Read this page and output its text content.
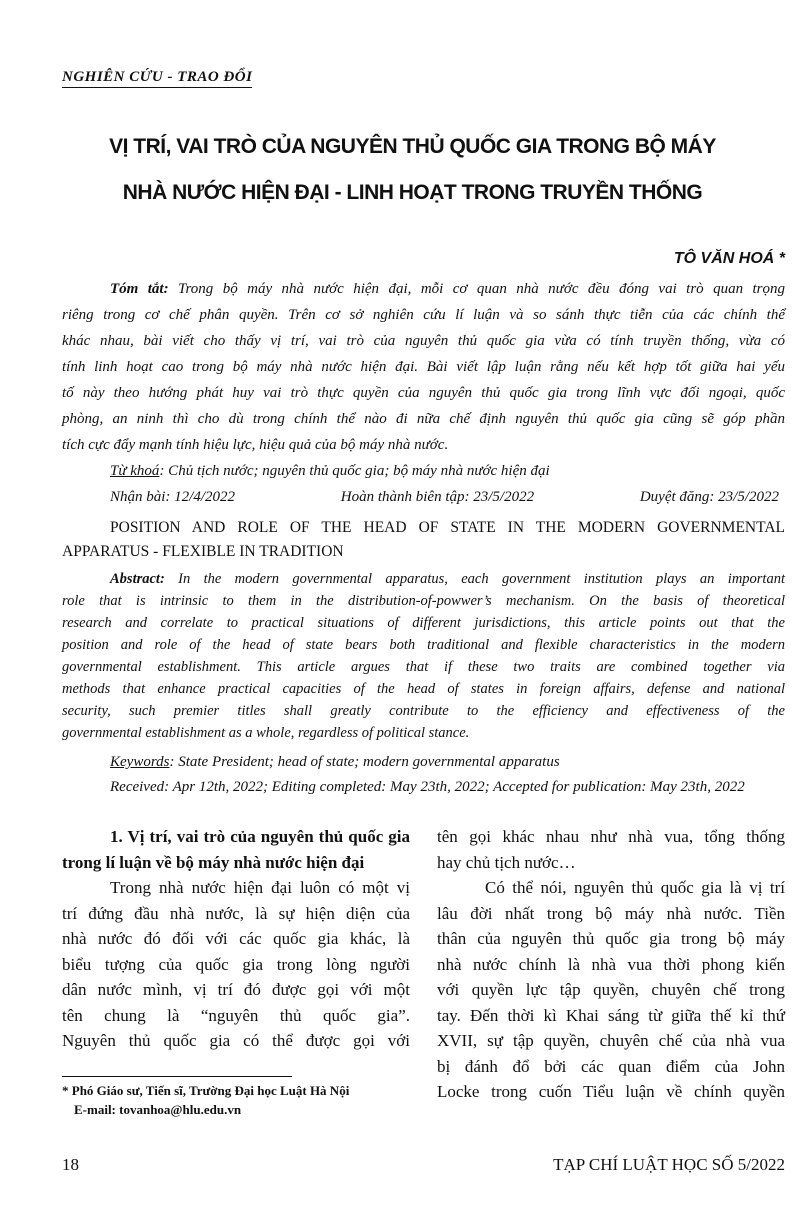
NGHIÊN CỨU - TRAO ĐỔI
VỊ TRÍ, VAI TRÒ CỦA NGUYÊN THỦ QUỐC GIA TRONG BỘ MÁY
NHÀ NƯỚC HIỆN ĐẠI - LINH HOẠT TRONG TRUYỀN THỐNG
TÔ VĂN HOÁ *
Tóm tắt: Trong bộ máy nhà nước hiện đại, mỗi cơ quan nhà nước đều đóng vai trò quan trọng
riêng trong cơ chế phân quyền. Trên cơ sở nghiên cứu lí luận và so sánh thực tiễn của các chính thể
khác nhau, bài viết cho thấy vị trí, vai trò của nguyên thủ quốc gia vừa có tính truyền thống, vừa có
tính linh hoạt cao trong bộ máy nhà nước hiện đại. Bài viết lập luận rằng nếu kết hợp tốt giữa hai yếu
tố này theo hướng phát huy vai trò thực quyền của nguyên thủ quốc gia trong lĩnh vực đối ngoại, quốc
phòng, an ninh thì cho dù trong chính thể nào đi nữa chế định nguyên thủ quốc gia cũng sẽ góp phần
tích cực đẩy mạnh tính hiệu lực, hiệu quả của bộ máy nhà nước.
Từ khoá: Chủ tịch nước; nguyên thủ quốc gia; bộ máy nhà nước hiện đại
Nhận bài: 12/4/2022	Hoàn thành biên tập: 23/5/2022	Duyệt đăng: 23/5/2022
POSITION AND ROLE OF THE HEAD OF STATE IN THE MODERN GOVERNMENTAL
APPARATUS - FLEXIBLE IN TRADITION
Abstract: In the modern governmental apparatus, each government institution plays an important
role that is intrinsic to them in the distribution-of-powwer’s mechanism. On the basis of theoretical
research and correlate to practical situations of different jurisdictions, this article points out that the
position and role of the head of state bears both traditional and flexible characteristics in the modern
governmental establishment. This article argues that if these two traits are combined together via
methods that enhance practical capacities of the head of states in foreign affairs, defense and national
security, such premier titles shall greatly contribute to the efficiency and effectiveness of the
governmental establishment as a whole, regardless of political stance.
Keywords: State President; head of state; modern governmental apparatus
Received: Apr 12th, 2022; Editing completed: May 23th, 2022; Accepted for publication: May 23th, 2022
1. Vị trí, vai trò của nguyên thủ quốc gia
trong lí luận về bộ máy nhà nước hiện đại
Trong nhà nước hiện đại luôn có một vị
trí đứng đầu nhà nước, là sự hiện diện của
nhà nước đó đối với các quốc gia khác, là
biểu tượng của quốc gia trong lòng người
dân nước mình, vị trí đó được gọi với một
tên chung là “nguyên thủ quốc gia”.
Nguyên thủ quốc gia có thể được gọi với
* Phó Giáo sư, Tiến sĩ, Trường Đại học Luật Hà Nội
E-mail: tovanhoa@hlu.edu.vn
tên gọi khác nhau như nhà vua, tổng thống
hay chủ tịch nước…
Có thể nói, nguyên thủ quốc gia là vị trí
lâu đời nhất trong bộ máy nhà nước. Tiền
thân của nguyên thủ quốc gia trong bộ máy
nhà nước chính là nhà vua thời phong kiến
với quyền lực tập quyền, chuyên chế trong
tay. Đến thời kì Khai sáng từ giữa thế kỉ thứ
XVII, sự tập quyền, chuyên chế của nhà vua
bị đánh đổ bởi các quan điểm của John
Locke trong cuốn Tiểu luận về chính quyền
18	TẠP CHÍ LUẬT HỌC SỐ 5/2022
